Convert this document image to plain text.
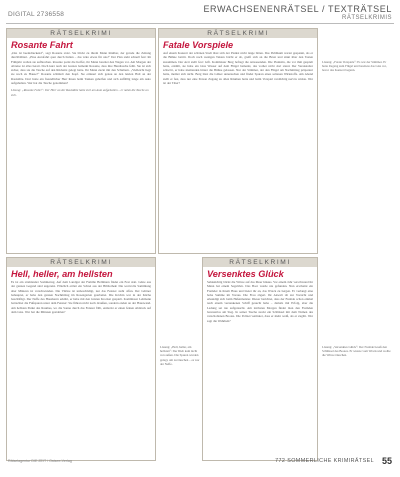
DIGITAL 2736558
ERWACHSENENRÄTSEL / TEXTRÄTSEL
RÄTSELKRIMIS
RÄTSELKRIMI
Rosante Fahrt
„Das ist beeindruckend“, sagt Rosante stolz. Sie blickt zu ihrem Mann hinüber, der gerade die Zeitung durchblättert. „Eine Autofahrt quer durch Italien – das wäre etwas für uns!“ Der Plan steht schnell fest: Im Frühjahr wollen sie aufbrechen. Rosante packt die Koffer, ihr Mann bereitet den Wagen vor. Am Morgen der Abreise ist alles bereit. Doch kurz nach der Grenze bemerkt Rosante, dass ihre Handtasche fehlt. Sie ist sich sicher, dass sie die Tasche auf den Rücksitz gelegt hatte. Ihr Mann zuckt mit den Schultern. „Vielleicht liegt sie noch zu Hause?“ Rosante schüttelt den Kopf. Sie erinnert sich genau an den letzten Halt an der Raststätte. Dort hatte ein freundlicher Herr ihnen beim Tanken geholfen und sich auffällig lange am Auto aufgehalten. Wer hat die Tasche genommen?
Lösung: „Rosante Fahrt“: Der Herr an der Raststätte hatte sich am Auto aufgehalten – er nahm die Tasche an sich.
RÄTSELKRIMI
Fatale Vorspiele
Auf einem Konzert der schönen Stadt lässt sich der Pianist nicht lange bitten. Das Publikum wartet gespannt, als er die Bühne betritt. Doch nach wenigen Takten bricht er ab, greift sich an die Brust und sinkt über den Tasten zusammen. Der Arzt stellt fest: Gift. Kommissar Berg befragt die Anwesenden. Die Pianistin, die vor ihm gespielt hatte, erzählt, sie habe ein Glas Wasser auf dem Flügel bemerkt, das vorher nicht dort stand. Der Veranstalter schwört, er habe niemanden hinter die Bühne gelassen. Nur der Stimmer, der den Flügel am Nachmittag präpariert hatte, meldet sich nicht. Berg lässt die Gläser untersuchen und findet Spuren eines seltenen Wirkstoffs. Am Abend stellt er fest, dass nur eine Person Zugang zu allen Räumen hatte und beim Vorspiel verdächtig nervös wirkte. Wer ist der Täter?
Lösung: „Fatale Vorspiele“: Es war der Stimmer. Er hatte Zugang zum Flügel und bereitete das Glas vor, bevor das Konzert begann.
RÄTSELKRIMI
Hell, heller, am hellsten
Es ist ein strahlender Sommertag. Auf dem Landgut der Familie Hellmann findet ein Fest statt. Gäste aus der ganzen Gegend sind angereist. Plötzlich ertönt ein Schrei aus der Bibliothek: Die wertvolle Sammlung alter Münzen ist verschwunden. Die Vitrine ist unbeschädigt, nur das Fenster steht offen. Der Gärtner behauptet, er habe den ganzen Nachmittag im Rosengarten gearbeitet. Die Köchin war in der Küche beschäftigt. Der Neffe des Hausherrn erklärt, er habe mit den Gästen Krocket gespielt. Kommissar Lehmann betrachtet die Fußspuren unter dem Fenster: Sie führen nicht nach draußen, sondern enden an der Hauswand. Am hellsten Punkt des Raumes, wo die Sonne durch das Fenster fällt, entdeckt er einen feinen Abdruck auf dem Glas. Wer hat die Münzen gestohlen?
Lösung: „Hell, heller, am hellsten“: Der Dieb kam nicht von außen. Die Spuren wurden gelegt, um zu täuschen – es war der Neffe.
RÄTSELKRIMI
Versenktes Glück
Sehnsüchtig blickt die Witwe auf das Meer hinaus. Vor einem Jahr verschwand ihr Mann bei einem Segeltörn. Das Boot wurde nie gefunden. Nun erscheint ein Fremder in ihrem Haus und bietet ihr an, das Wrack zu bergen. Er verlangt eine hohe Summe im Voraus. Die Frau zögert. Ihr Anwalt rät zur Vorsicht und erkundigt sich beim Hafenmeister. Dieser berichtet, dass der Fremde schon einmal nach einem versunkenen Schiff gesucht habe – damals mit Erfolg, aber die Ladung sei nie aufgetaucht. Am nächsten Morgen findet man den Fremden bewusstlos am Steg. In seiner Tasche steckt ein Schlüssel mit dem Namen des verschollenen Bootes. Die Polizei vermutet, dass er mehr weiß, als er zugibt. Wer sagt die Wahrheit?
Lösung: „Versenktes Glück“: Der Fremde besaß den Schlüssel des Bootes. Er wusste vom Wrack und wollte die Witwe täuschen.
Rätselagentur DIE ZEIT / Ostsee-Verlag	772 SOMMERLICHE KRIMIRÄTSEL 55
